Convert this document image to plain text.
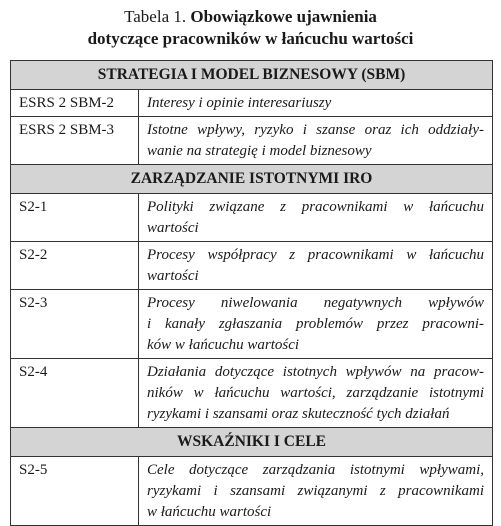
Tabela 1. Obowiązkowe ujawnienia
dotyczące pracowników w łańcuchu wartości
STRATEGIA I MODEL BIZNESOWY (SBM)
ESRS 2 SBM-2	Interesy i opinie interesariuszy
ESRS 2 SBM-3	Istotne wpływy, ryzyko i szanse oraz ich oddziały-
wanie na strategię i model biznesowy
ZARZĄDZANIE ISTOTNYMI IRO
S2-1	Polityki związane z pracownikami w łańcuchu
wartości
S2-2	Procesy współpracy z pracownikami w łańcuchu
wartości
S2-3	Procesy niwelowania negatywnych wpływów
i kanały zgłaszania problemów przez pracowni-
ków w łańcuchu wartości
S2-4	Działania dotyczące istotnych wpływów na pracow-
ników w łańcuchu wartości, zarządzanie istotnymi
ryzykami i szansami oraz skuteczność tych działań
WSKAŹNIKI I CELE
S2-5	Cele dotyczące zarządzania istotnymi wpływami,
ryzykami i szansami związanymi z pracownikami
w łańcuchu wartości
